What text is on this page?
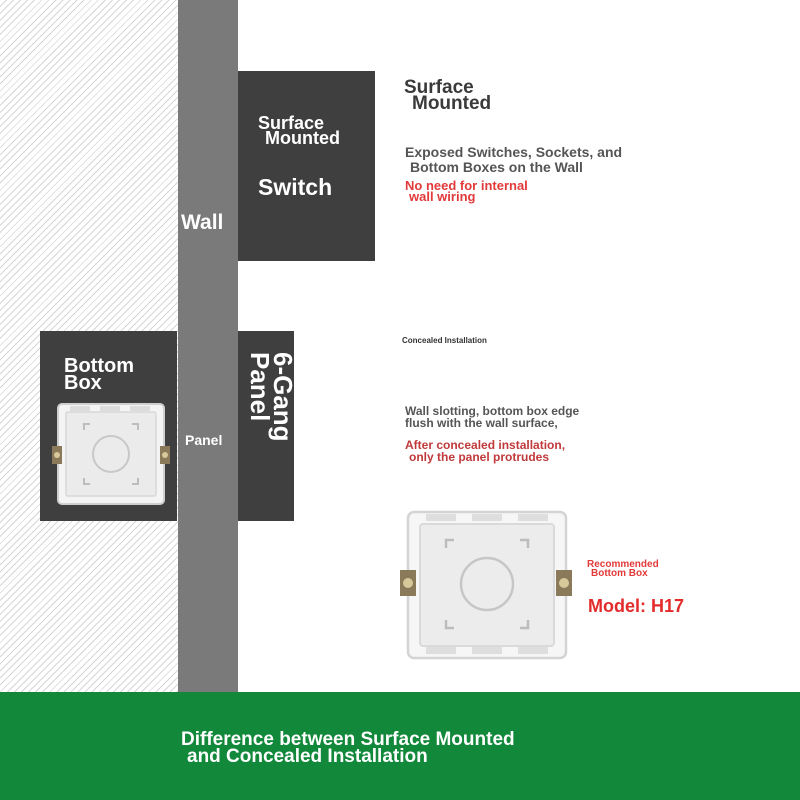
Wall
Panel
Surface
Mounted
Switch
Bottom
Box	6-Gang
Panel
Surface
Mounted
Exposed Switches, Sockets, and
Bottom Boxes on the Wall
No need for internal
wall wiring
Concealed Installation
Wall slotting, bottom box edge
flush with the wall surface,
After concealed installation,
only the panel protrudes
Recommended
Bottom Box
Model: H17
Difference between Surface Mounted
and Concealed Installation
